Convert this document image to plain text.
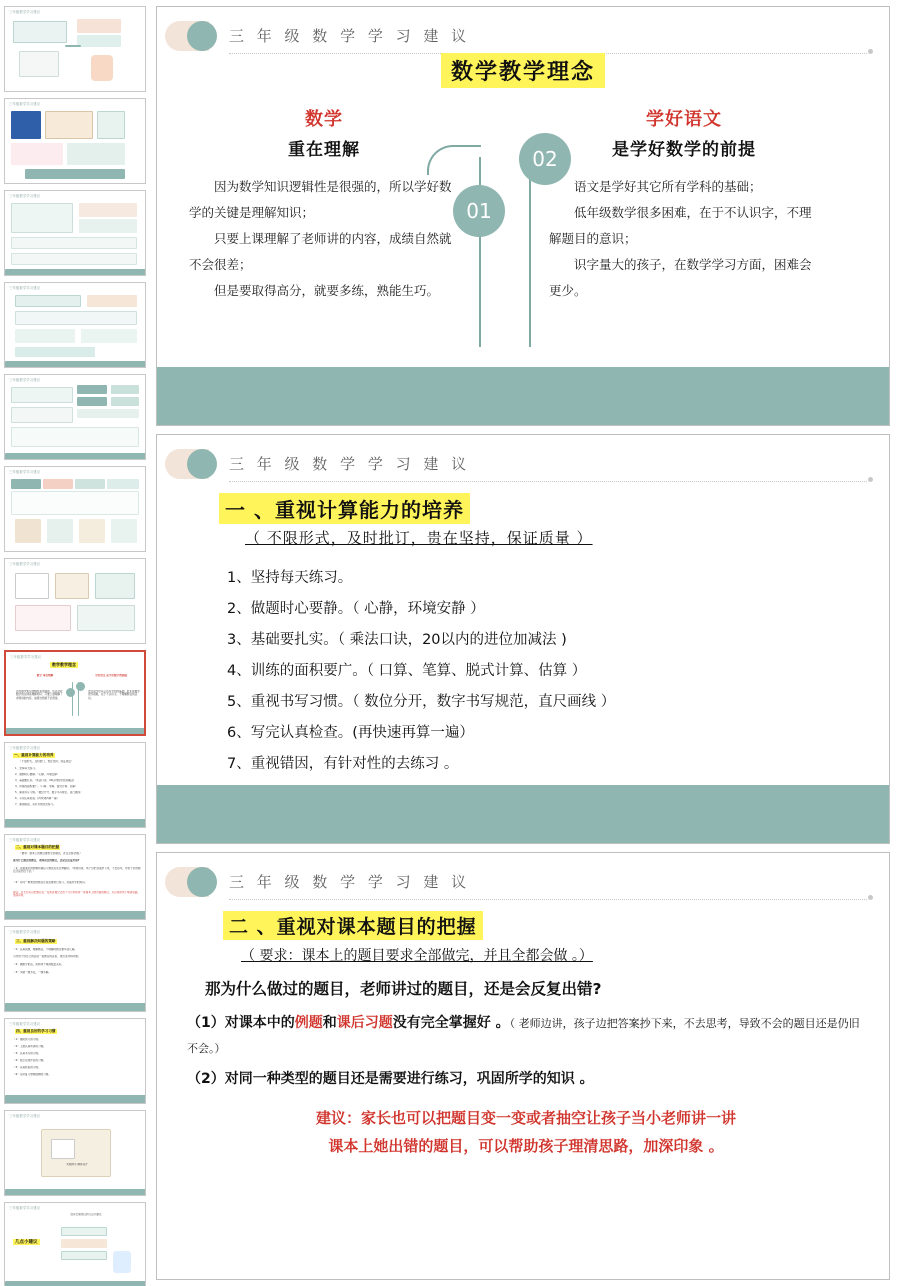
三年级数学学习建议
三年级数学学习建议
三年级数学学习建议
三年级数学学习建议
三年级数学学习建议
三年级数学学习建议
三年级数学学习建议
三年级数学学习建议
数学教学理念
数学 重在理解	学好语文 是学好数学的前提
因为数学知识逻辑性是很强的，所以学好数学的关键是理解知识；只要上课理解了老师讲的内容，成绩自然就不会很差。
语文是学好其它所有学科的基础；低年级数学很多困难，在于不认识字，不理解题目的意识。
三年级数学学习建议
一、重视计算能力的培养
（不限形式，及时批订，贵在坚持，保证质量）
1、坚持每天练习。
2、做题时心要静。（心静，环境安静）
3、基础要扎实。（乘法口诀，20以内的进位加减法)
4、训练的面积要广。（口算、笔算、脱式计算、估算）
5、重视书写习惯。（数位分开，数字书写规范，直尺画线）
6、写完认真检查。(再快速再算一遍）
7、重视错因，有针对性的去练习。
三年级数学学习建议
二、重视对课本题目的把握
（要求：课本上的题目要求全部做完，并且全都会做。）
那为什么做过的题目，老师讲过的题目，还是会反复出错?
（1）对课本中的例题和课后习题没有完全掌握好。（老师边讲，孩子边把答案抄下来，不去思考，导致不会的题目还是仍旧不会。）
（2）对同一种类型的题目还是需要进行练习，巩固所学的知识。
建议：家长也可以把题目变一变或者抽空让孩子当小老师讲一讲课本上她出错的题目，可以帮助孩子理清思路，加深印象。
三年级数学学习建议
三、重视解决问题的策略
（1）认真读题，理解题意，不理解的题目要多读几遍。
引导孩子用自己的话说一说题目的意思，找出条件和问题。
（2）画图分析法，帮助孩子理清数量关系。
（3）多做一题多变，一题多解。
三年级数学学习建议
四、重视良好的学习习惯
（1）课前预习的习惯。
（2）上课认真听讲的习惯。
（3）认真书写的习惯。
（4）独立完成作业的习惯。
（5）认真检查的习惯。
（6）及时复习整理错题的习惯。
三年级数学学习建议
共同携手 静待花开
三年级数学学习建议
给家长朋友们的几点小建议
几点小建议
三 年 级 数 学 学 习 建 议
数学教学理念
01
02
数学
重在理解
因为数学知识逻辑性是很强的，所以学好数学的关键是理解知识；
只要上课理解了老师讲的内容，成绩自然就不会很差；
但是要取得高分，就要多练，熟能生巧。
学好语文
是学好数学的前提
语文是学好其它所有学科的基础；
低年级数学很多困难，在于不认识字，不理解题目的意识；
识字量大的孩子，在数学学习方面，困难会更少。
三 年 级 数 学 学 习 建 议
一 、重视计算能力的培养
（ 不限形式，及时批订，贵在坚持，保证质量 ）
1、坚持每天练习。
2、做题时心要静。（ 心静，环境安静 ）
3、基础要扎实。（ 乘法口诀，20以内的进位加减法 )
4、训练的面积要广。（ 口算、笔算、脱式计算、估算 ）
5、重视书写习惯。（ 数位分开，数字书写规范，直尺画线 ）
6、写完认真检查。(再快速再算一遍）
7、重视错因，有针对性的去练习 。
三 年 级 数 学 学 习 建 议
二 、重视对课本题目的把握
（ 要求：课本上的题目要求全部做完，并且全都会做 。）
那为什么做过的题目，老师讲过的题目，还是会反复出错?
（1）对课本中的例题和课后习题没有完全掌握好 。（ 老师边讲，孩子边把答案抄下来，不去思考，导致不会的题目还是仍旧不会。）
（2）对同一种类型的题目还是需要进行练习，巩固所学的知识 。
建议：家长也可以把题目变一变或者抽空让孩子当小老师讲一讲
课本上她出错的题目，可以帮助孩子理清思路，加深印象 。
